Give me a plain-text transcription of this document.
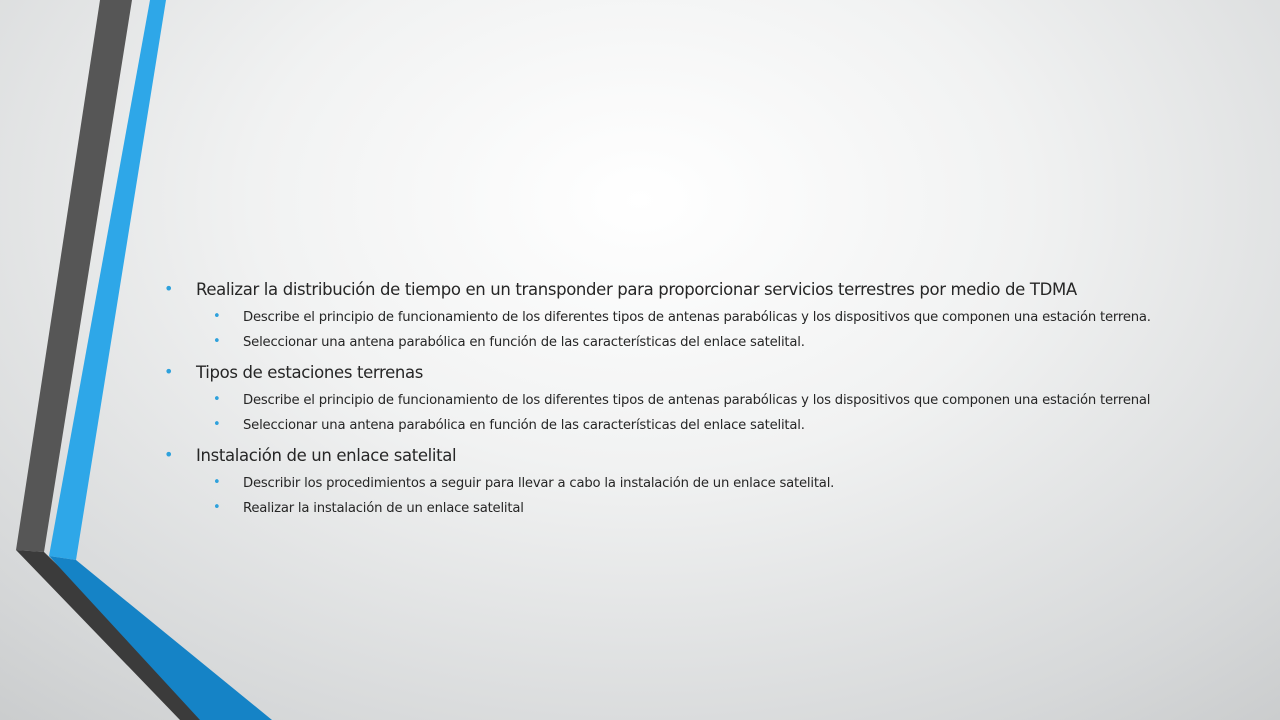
• Realizar la distribución de tiempo en un transponder para proporcionar servicios terrestres por medio de TDMA
• Describe el principio de funcionamiento de los diferentes tipos de antenas parabólicas y los dispositivos que componen una estación terrena.
• Seleccionar una antena parabólica en función de las características del enlace satelital.
• Tipos de estaciones terrenas
• Describe el principio de funcionamiento de los diferentes tipos de antenas parabólicas y los dispositivos que componen una estación terrenal
• Seleccionar una antena parabólica en función de las características del enlace satelital.
• Instalación de un enlace satelital
• Describir los procedimientos a seguir para llevar a cabo la instalación de un enlace satelital.
• Realizar la instalación de un enlace satelital
